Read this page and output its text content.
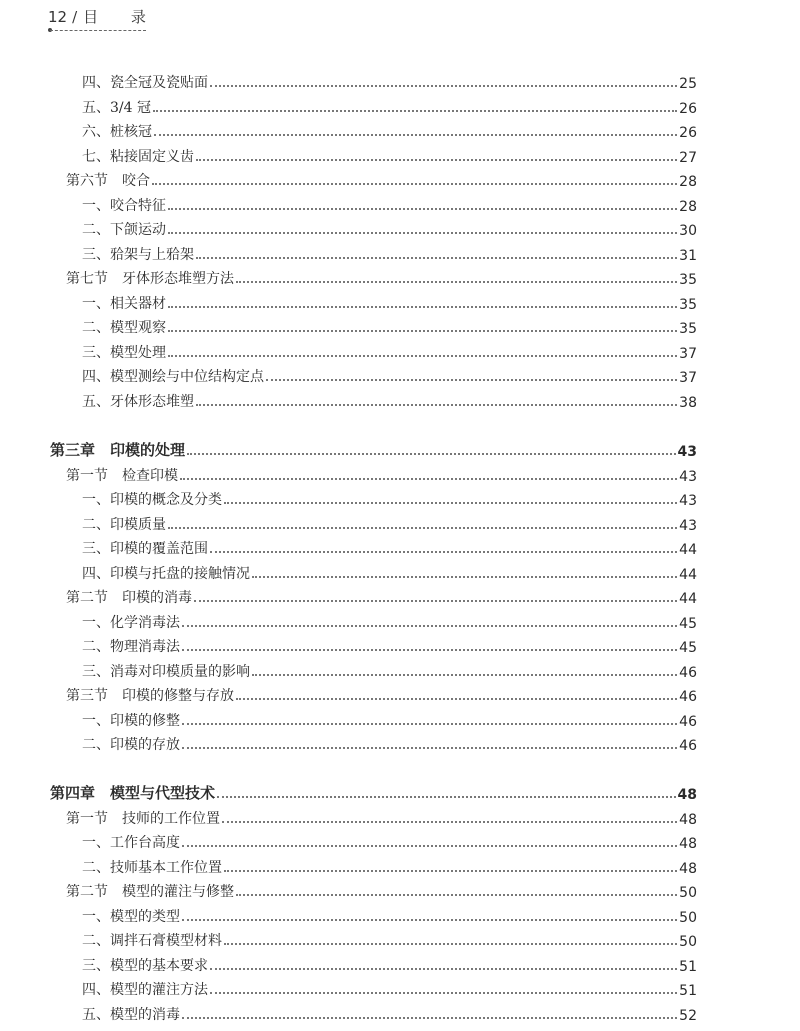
12 / 目 录
四、瓷全冠及瓷贴面	25
五、3/4 冠	26
六、桩核冠	26
七、粘接固定义齿	27
第六节　咬合	28
一、咬合特征	28
二、下颌运动	30
三、𬌗架与上𬌗架	31
第七节　牙体形态堆塑方法	35
一、相关器材	35
二、模型观察	35
三、模型处理	37
四、模型测绘与中位结构定点	37
五、牙体形态堆塑	38
第三章　印模的处理	43
第一节　检查印模	43
一、印模的概念及分类	43
二、印模质量	43
三、印模的覆盖范围	44
四、印模与托盘的接触情况	44
第二节　印模的消毒	44
一、化学消毒法	45
二、物理消毒法	45
三、消毒对印模质量的影响	46
第三节　印模的修整与存放	46
一、印模的修整	46
二、印模的存放	46
第四章　模型与代型技术	48
第一节　技师的工作位置	48
一、工作台高度	48
二、技师基本工作位置	48
第二节　模型的灌注与修整	50
一、模型的类型	50
二、调拌石膏模型材料	50
三、模型的基本要求	51
四、模型的灌注方法	51
五、模型的消毒	52
